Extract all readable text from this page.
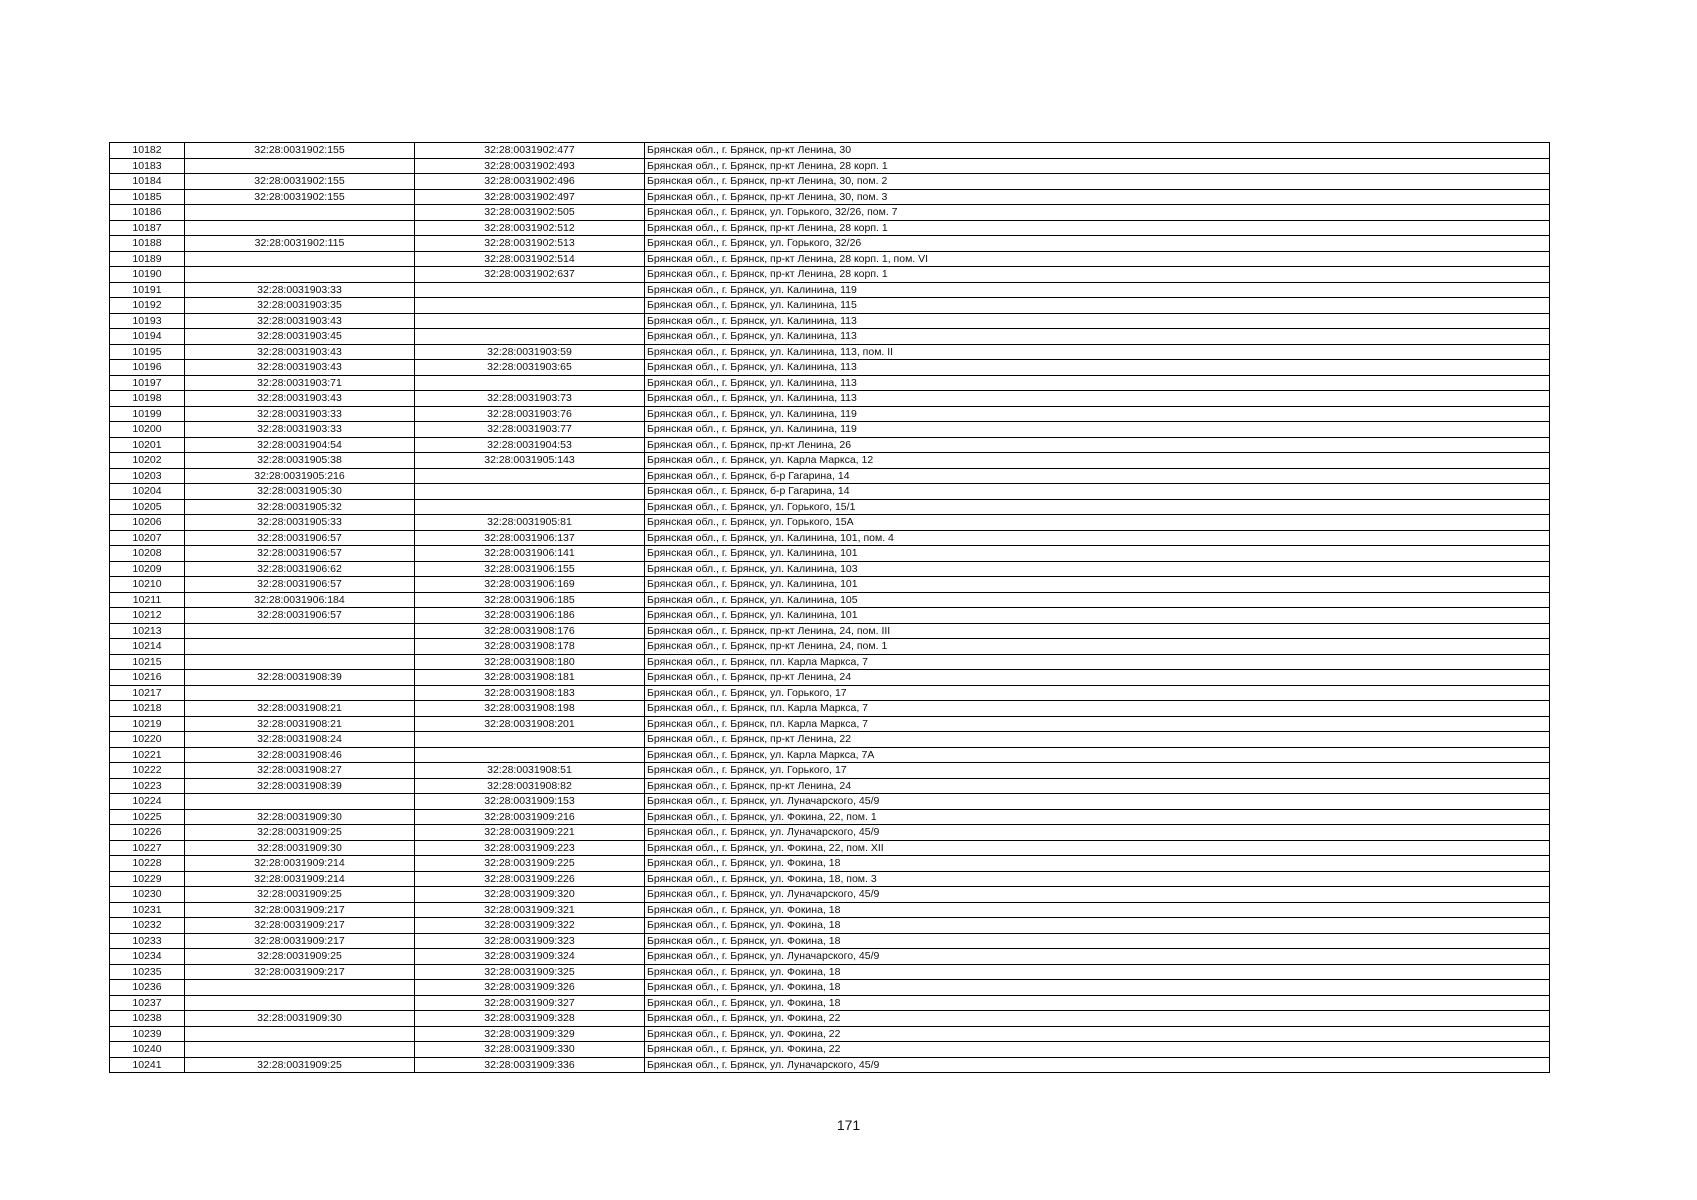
10182	32:28:0031902:155	32:28:0031902:477	Брянская обл., г. Брянск, пр-кт Ленина, 30
10183		32:28:0031902:493	Брянская обл., г. Брянск, пр-кт Ленина, 28 корп. 1
10184	32:28:0031902:155	32:28:0031902:496	Брянская обл., г. Брянск, пр-кт Ленина, 30, пом. 2
10185	32:28:0031902:155	32:28:0031902:497	Брянская обл., г. Брянск, пр-кт Ленина, 30, пом. 3
10186		32:28:0031902:505	Брянская обл., г. Брянск, ул. Горького, 32/26, пом. 7
10187		32:28:0031902:512	Брянская обл., г. Брянск, пр-кт Ленина, 28 корп. 1
10188	32:28:0031902:115	32:28:0031902:513	Брянская обл., г. Брянск, ул. Горького, 32/26
10189		32:28:0031902:514	Брянская обл., г. Брянск, пр-кт Ленина, 28 корп. 1, пом. VI
10190		32:28:0031902:637	Брянская обл., г. Брянск, пр-кт Ленина, 28 корп. 1
10191	32:28:0031903:33		Брянская обл., г. Брянск, ул. Калинина, 119
10192	32:28:0031903:35		Брянская обл., г. Брянск, ул. Калинина, 115
10193	32:28:0031903:43		Брянская обл., г. Брянск, ул. Калинина, 113
10194	32:28:0031903:45		Брянская обл., г. Брянск, ул. Калинина, 113
10195	32:28:0031903:43	32:28:0031903:59	Брянская обл., г. Брянск, ул. Калинина, 113, пом. II
10196	32:28:0031903:43	32:28:0031903:65	Брянская обл., г. Брянск, ул. Калинина, 113
10197	32:28:0031903:71		Брянская обл., г. Брянск, ул. Калинина, 113
10198	32:28:0031903:43	32:28:0031903:73	Брянская обл., г. Брянск, ул. Калинина, 113
10199	32:28:0031903:33	32:28:0031903:76	Брянская обл., г. Брянск, ул. Калинина, 119
10200	32:28:0031903:33	32:28:0031903:77	Брянская обл., г. Брянск, ул. Калинина, 119
10201	32:28:0031904:54	32:28:0031904:53	Брянская обл., г. Брянск, пр-кт Ленина, 26
10202	32:28:0031905:38	32:28:0031905:143	Брянская обл., г. Брянск, ул. Карла Маркса, 12
10203	32:28:0031905:216		Брянская обл., г. Брянск, б-р Гагарина, 14
10204	32:28:0031905:30		Брянская обл., г. Брянск, б-р Гагарина, 14
10205	32:28:0031905:32		Брянская обл., г. Брянск, ул. Горького, 15/1
10206	32:28:0031905:33	32:28:0031905:81	Брянская обл., г. Брянск, ул. Горького, 15А
10207	32:28:0031906:57	32:28:0031906:137	Брянская обл., г. Брянск, ул. Калинина, 101, пом. 4
10208	32:28:0031906:57	32:28:0031906:141	Брянская обл., г. Брянск, ул. Калинина, 101
10209	32:28:0031906:62	32:28:0031906:155	Брянская обл., г. Брянск, ул. Калинина, 103
10210	32:28:0031906:57	32:28:0031906:169	Брянская обл., г. Брянск, ул. Калинина, 101
10211	32:28:0031906:184	32:28:0031906:185	Брянская обл., г. Брянск, ул. Калинина, 105
10212	32:28:0031906:57	32:28:0031906:186	Брянская обл., г. Брянск, ул. Калинина, 101
10213		32:28:0031908:176	Брянская обл., г. Брянск, пр-кт Ленина, 24, пом. III
10214		32:28:0031908:178	Брянская обл., г. Брянск, пр-кт Ленина, 24, пом. 1
10215		32:28:0031908:180	Брянская обл., г. Брянск, пл. Карла Маркса, 7
10216	32:28:0031908:39	32:28:0031908:181	Брянская обл., г. Брянск, пр-кт Ленина, 24
10217		32:28:0031908:183	Брянская обл., г. Брянск, ул. Горького, 17
10218	32:28:0031908:21	32:28:0031908:198	Брянская обл., г. Брянск, пл. Карла Маркса, 7
10219	32:28:0031908:21	32:28:0031908:201	Брянская обл., г. Брянск, пл. Карла Маркса, 7
10220	32:28:0031908:24		Брянская обл., г. Брянск, пр-кт Ленина, 22
10221	32:28:0031908:46		Брянская обл., г. Брянск, ул. Карла Маркса, 7А
10222	32:28:0031908:27	32:28:0031908:51	Брянская обл., г. Брянск, ул. Горького, 17
10223	32:28:0031908:39	32:28:0031908:82	Брянская обл., г. Брянск, пр-кт Ленина, 24
10224		32:28:0031909:153	Брянская обл., г. Брянск, ул. Луначарского, 45/9
10225	32:28:0031909:30	32:28:0031909:216	Брянская обл., г. Брянск, ул. Фокина, 22, пом. 1
10226	32:28:0031909:25	32:28:0031909:221	Брянская обл., г. Брянск, ул. Луначарского, 45/9
10227	32:28:0031909:30	32:28:0031909:223	Брянская обл., г. Брянск, ул. Фокина, 22, пом. XII
10228	32:28:0031909:214	32:28:0031909:225	Брянская обл., г. Брянск, ул. Фокина, 18
10229	32:28:0031909:214	32:28:0031909:226	Брянская обл., г. Брянск, ул. Фокина, 18, пом. 3
10230	32:28:0031909:25	32:28:0031909:320	Брянская обл., г. Брянск, ул. Луначарского, 45/9
10231	32:28:0031909:217	32:28:0031909:321	Брянская обл., г. Брянск, ул. Фокина, 18
10232	32:28:0031909:217	32:28:0031909:322	Брянская обл., г. Брянск, ул. Фокина, 18
10233	32:28:0031909:217	32:28:0031909:323	Брянская обл., г. Брянск, ул. Фокина, 18
10234	32:28:0031909:25	32:28:0031909:324	Брянская обл., г. Брянск, ул. Луначарского, 45/9
10235	32:28:0031909:217	32:28:0031909:325	Брянская обл., г. Брянск, ул. Фокина, 18
10236		32:28:0031909:326	Брянская обл., г. Брянск, ул. Фокина, 18
10237		32:28:0031909:327	Брянская обл., г. Брянск, ул. Фокина, 18
10238	32:28:0031909:30	32:28:0031909:328	Брянская обл., г. Брянск, ул. Фокина, 22
10239		32:28:0031909:329	Брянская обл., г. Брянск, ул. Фокина, 22
10240		32:28:0031909:330	Брянская обл., г. Брянск, ул. Фокина, 22
10241	32:28:0031909:25	32:28:0031909:336	Брянская обл., г. Брянск, ул. Луначарского, 45/9
171
